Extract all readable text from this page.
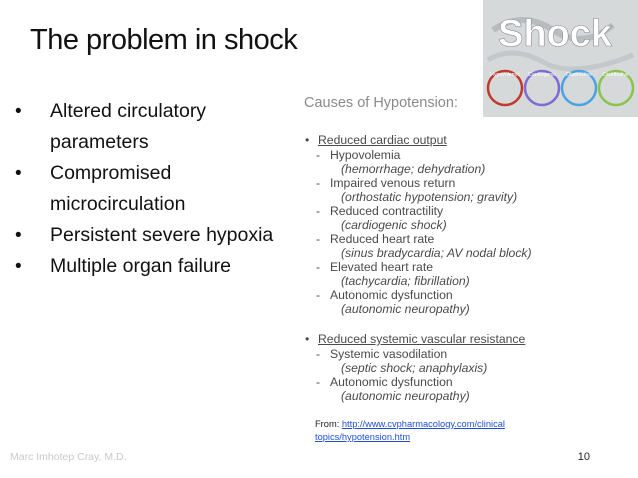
The problem in shock
• Altered circulatory parameters
• Compromised microcirculation
• Persistent severe hypoxia
• Multiple organ failure
Causes of Hypotension:
• Reduced cardiac output
- Hypovolemia
(hemorrhage; dehydration)
- Impaired venous return
(orthostatic hypotension; gravity)
- Reduced contractility
(cardiogenic shock)
- Reduced heart rate
(sinus bradycardia; AV nodal block)
- Elevated heart rate
(tachycardia; fibrillation)
- Autonomic dysfunction
(autonomic neuropathy)
• Reduced systemic vascular resistance
- Systemic vasodilation
(septic shock; anaphylaxis)
- Autonomic dysfunction
(autonomic neuropathy)
From: http://www.cvpharmacology.com/clinical
topics/hypotension.htm
Marc Imhotep Cray, M.D.	10
Shock
Hypovolemic Cardiogenic Obstructive Distributive
